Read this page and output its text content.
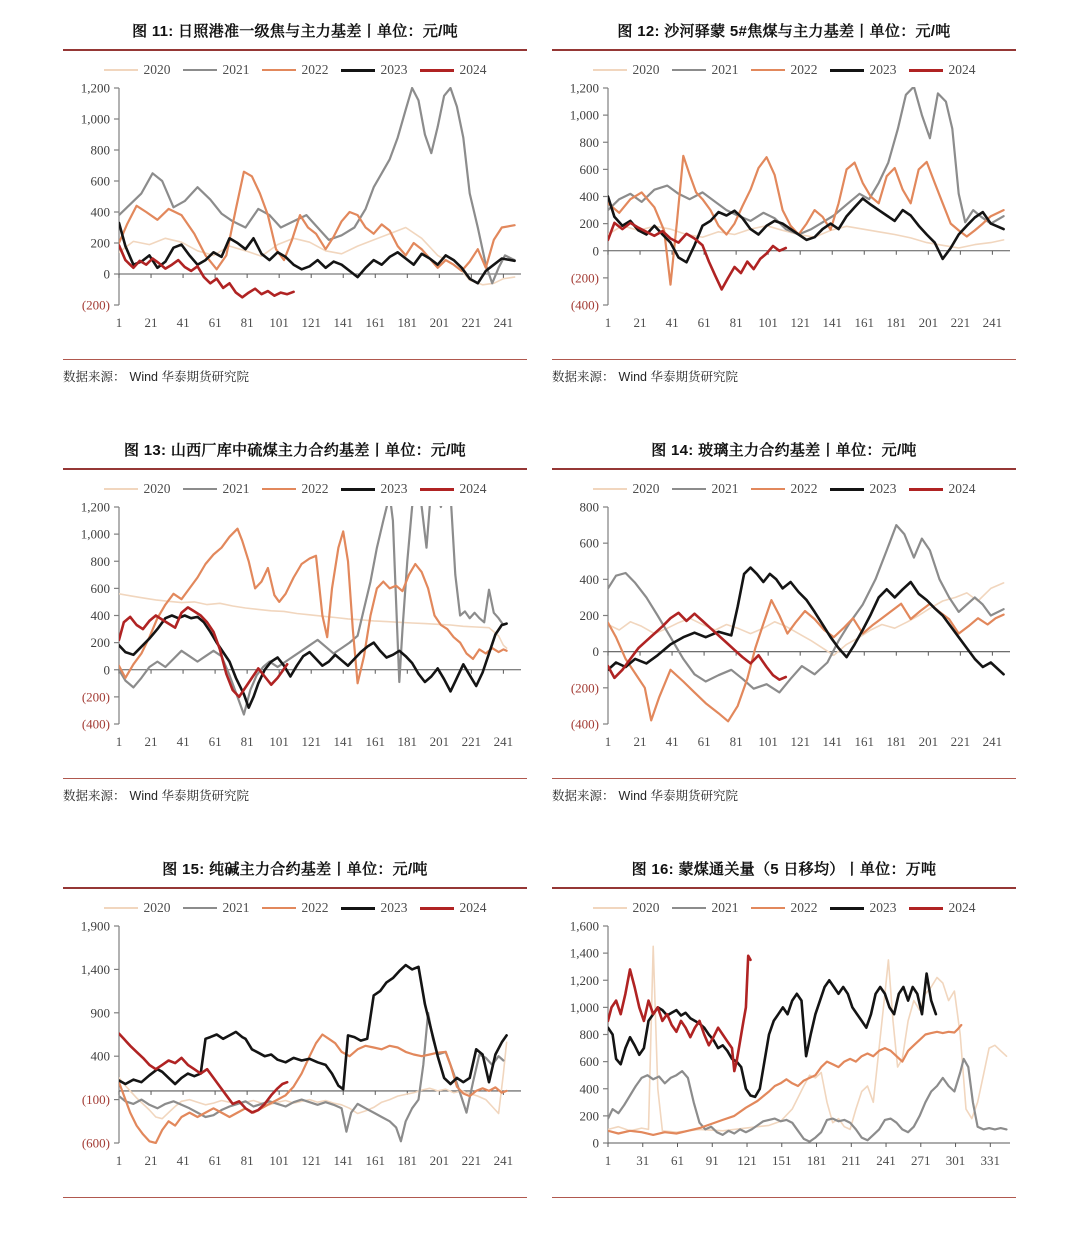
图 11: 日照港准一级焦与主力基差丨单位：元/吨
2020	2021	2022	2023	2024
1,200
1,000
800
600
400
200
0
(200)
1 21 41 61 81 101 121 141 161 181 201 221 241
数据来源： Wind 华泰期货研究院
图 12: 沙河驿蒙 5#焦煤与主力基差丨单位：元/吨
2020	2021	2022	2023	2024
1,200
1,000
800
600
400
200
0
(200)
(400)
1 21 41 61 81 101 121 141 161 181 201 221 241
数据来源： Wind 华泰期货研究院
图 13: 山西厂库中硫煤主力合约基差丨单位：元/吨
2020	2021	2022	2023	2024
1,200
1,000
800
600
400
200
0
(200)
(400)
1 21 41 61 81 101 121 141 161 181 201 221 241
数据来源： Wind 华泰期货研究院
图 14: 玻璃主力合约基差丨单位：元/吨
2020	2021	2022	2023	2024
800
600
400
200
0
(200)
(400)
1 21 41 61 81 101 121 141 161 181 201 221 241
数据来源： Wind 华泰期货研究院
图 15: 纯碱主力合约基差丨单位：元/吨
2020	2021	2022	2023	2024
1,900
1,400
900
400
(100)
(600)
1 21 41 61 81 101 121 141 161 181 201 221 241
图 16: 蒙煤通关量（5 日移均）丨单位：万吨
2020	2021	2022	2023	2024
1,600
1,400
1,200
1,000
800
600
400
200
0
1 31 61 91 121 151 181 211 241 271 301 331
